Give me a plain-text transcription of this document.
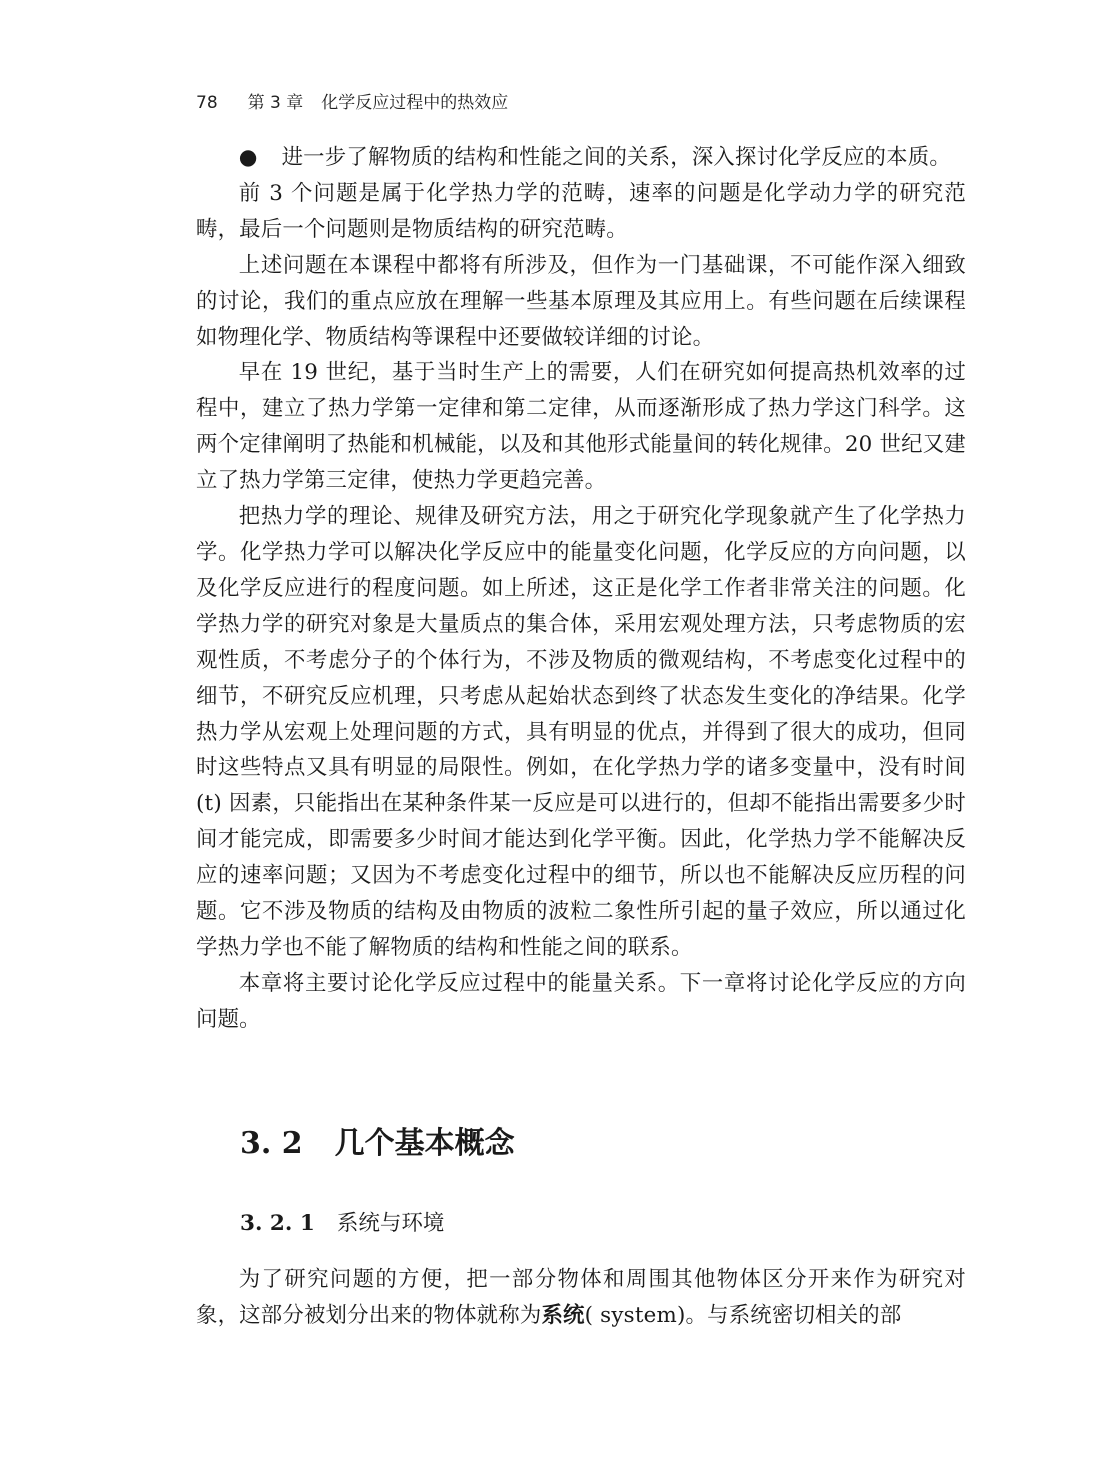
78 第 3 章 化学反应过程中的热效应

● 进一步了解物质的结构和性能之间的关系，深入探讨化学反应的本质。

前 3 个问题是属于化学热力学的范畴，速率的问题是化学动力学的研究范畴，最后一个问题则是物质结构的研究范畴。

上述问题在本课程中都将有所涉及，但作为一门基础课，不可能作深入细致的讨论，我们的重点应放在理解一些基本原理及其应用上。有些问题在后续课程如物理化学、物质结构等课程中还要做较详细的讨论。

早在 19 世纪，基于当时生产上的需要，人们在研究如何提高热机效率的过程中，建立了热力学第一定律和第二定律，从而逐渐形成了热力学这门科学。这两个定律阐明了热能和机械能，以及和其他形式能量间的转化规律。20 世纪又建立了热力学第三定律，使热力学更趋完善。

把热力学的理论、规律及研究方法，用之于研究化学现象就产生了化学热力学。化学热力学可以解决化学反应中的能量变化问题，化学反应的方向问题，以及化学反应进行的程度问题。如上所述，这正是化学工作者非常关注的问题。化学热力学的研究对象是大量质点的集合体，采用宏观处理方法，只考虑物质的宏观性质，不考虑分子的个体行为，不涉及物质的微观结构，不考虑变化过程中的细节，不研究反应机理，只考虑从起始状态到终了状态发生变化的净结果。化学热力学从宏观上处理问题的方式，具有明显的优点，并得到了很大的成功，但同时这些特点又具有明显的局限性。例如，在化学热力学的诸多变量中，没有时间(t) 因素，只能指出在某种条件某一反应是可以进行的，但却不能指出需要多少时间才能完成，即需要多少时间才能达到化学平衡。因此，化学热力学不能解决反应的速率问题；又因为不考虑变化过程中的细节，所以也不能解决反应历程的问题。它不涉及物质的结构及由物质的波粒二象性所引起的量子效应，所以通过化学热力学也不能了解物质的结构和性能之间的联系。

本章将主要讨论化学反应过程中的能量关系。下一章将讨论化学反应的方向问题。

3. 2 几个基本概念
3. 2. 1 系统与环境

为了研究问题的方便，把一部分物体和周围其他物体区分开来作为研究对象，这部分被划分出来的物体就称为系统( system)。与系统密切相关的部
